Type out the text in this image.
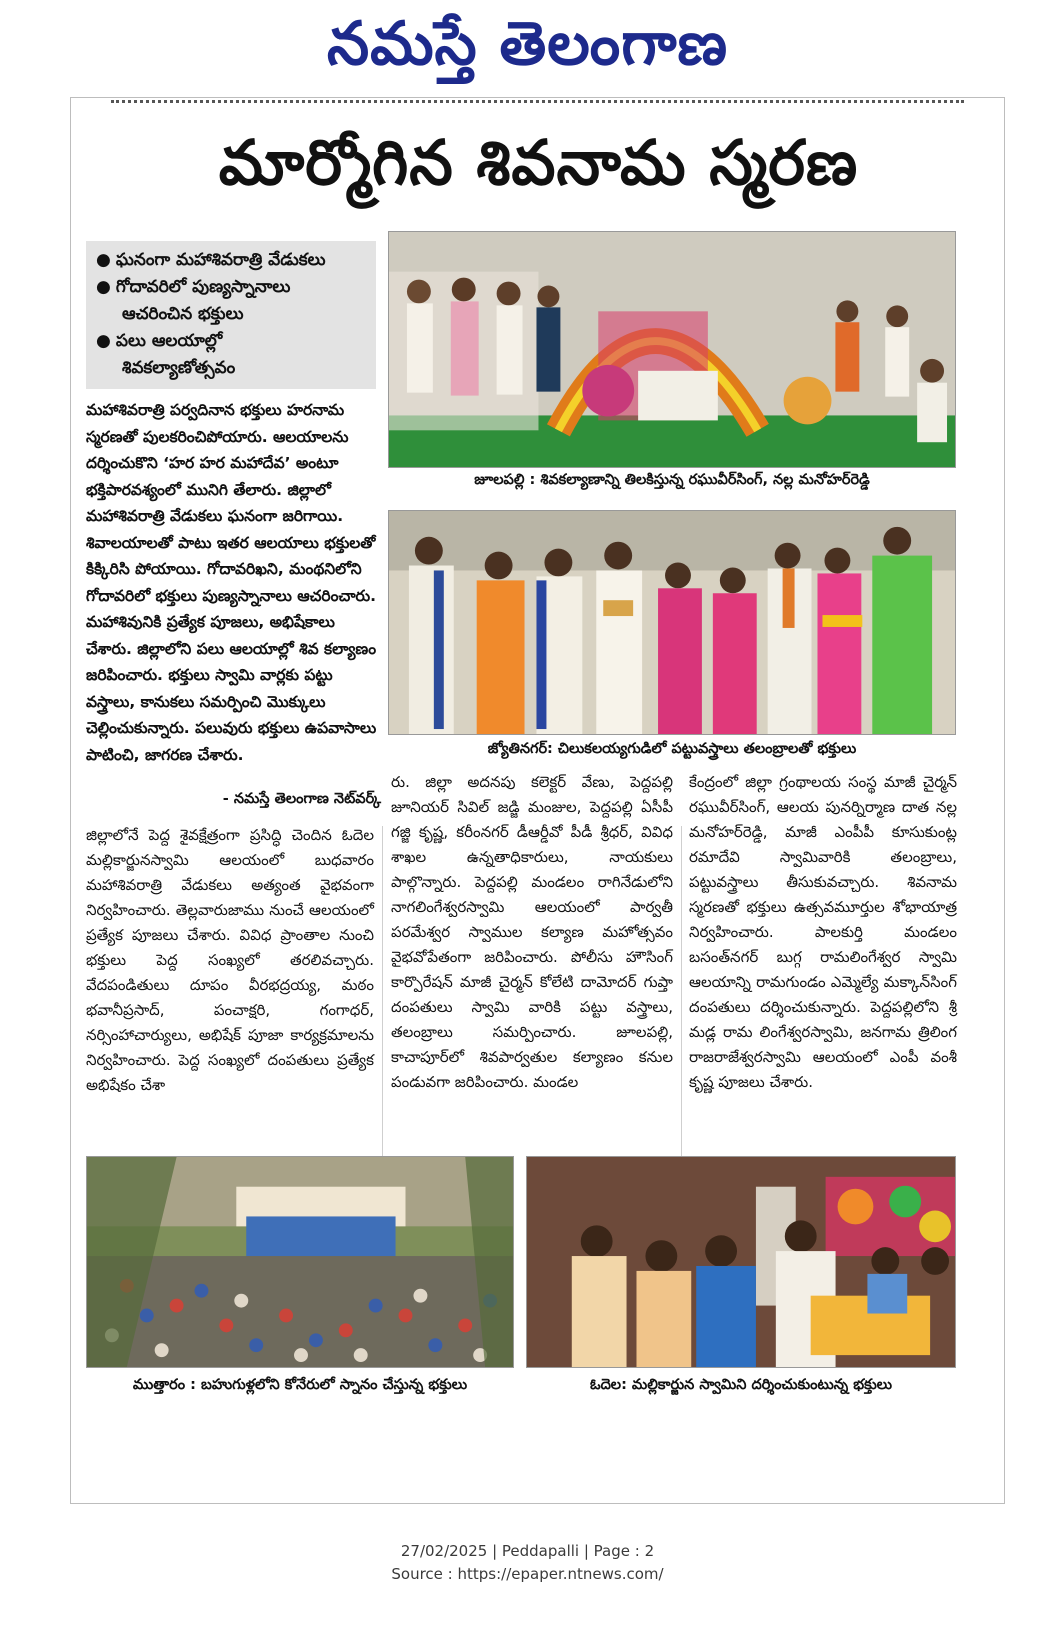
నమస్తే తెలంగాణ
మార్మోగిన శివనామ స్మరణ
● ఘనంగా మహాశివరాత్రి వేడుకలు
● గోదావరిలో పుణ్యస్నానాలు
ఆచరించిన భక్తులు
● పలు ఆలయాల్లో
శివకల్యాణోత్సవం
మహాశివరాత్రి పర్వదినాన భక్తులు హరనామ స్మరణతో పులకరించిపోయారు. ఆలయాలను దర్శించుకొని ‘హర హర మహాదేవ’ అంటూ భక్తిపారవశ్యంలో మునిగి తేలారు. జిల్లాలో మహాశివరాత్రి వేడుకలు ఘనంగా జరిగాయి. శివాలయాలతో పాటు ఇతర ఆలయాలు భక్తులతో కిక్కిరిసి పోయాయి. గోదావరిఖని, మంథనిలోని గోదావరిలో భక్తులు పుణ్యస్నానాలు ఆచరించారు. మహాశివునికి ప్రత్యేక పూజలు, అభిషేకాలు చేశారు. జిల్లాలోని పలు ఆలయాల్లో శివ కల్యాణం జరిపించారు. భక్తులు స్వామి వార్లకు పట్టు వస్త్రాలు, కానుకలు సమర్పించి మొక్కులు చెల్లించుకున్నారు. పలువురు భక్తులు ఉపవాసాలు పాటించి, జాగరణ చేశారు.
- నమస్తే తెలంగాణ నెట్‌వర్క్‌
జూలపల్లి : శివకల్యాణాన్ని తిలకిస్తున్న రఘువీర్‌సింగ్‌, నల్ల మనోహర్‌రెడ్డి
జ్యోతినగర్‌: చిలుకలయ్యగుడిలో పట్టువస్త్రాలు తలంబ్రాలతో భక్తులు
జిల్లాలోనే పెద్ద శైవక్షేత్రంగా ప్రసిద్ధి చెందిన ఓదెల మల్లికార్జునస్వామి ఆలయంలో బుధవారం మహాశివరాత్రి వేడుకలు అత్యంత వైభవంగా నిర్వహించారు. తెల్లవారుజాము నుంచే ఆలయంలో ప్రత్యేక పూజలు చేశారు. వివిధ ప్రాంతాల నుంచి భక్తులు పెద్ద సంఖ్యలో తరలివచ్చారు. వేదపండితులు దూపం వీరభద్రయ్య, మఠం భవానీప్రసాద్‌, పంచాక్షరి, గంగాధర్‌, నర్సింహాచార్యులు, అభిషేక్‌ పూజా కార్యక్రమాలను నిర్వహించారు. పెద్ద సంఖ్యలో దంపతులు ప్రత్యేక అభిషేకం చేశా
రు. జిల్లా అదనపు కలెక్టర్‌ వేణు, పెద్దపల్లి జూనియర్‌ సివిల్‌ జడ్జి మంజుల, పెద్దపల్లి ఏసీపీ గజ్జి కృష్ణ, కరీంనగర్‌ డీఆర్డీవో పీడీ శ్రీధర్‌, వివిధ శాఖల ఉన్నతాధికారులు, నాయకులు పాల్గొన్నారు. పెద్దపల్లి మండలం రాగినేడులోని నాగలింగేశ్వరస్వామి ఆలయంలో పార్వతీ పరమేశ్వర స్వాముల కల్యాణ మహోత్సవం వైభవోపేతంగా జరిపించారు. పోలీసు హౌసింగ్‌ కార్పొరేషన్‌ మాజీ చైర్మన్‌ కోలేటి దామోదర్‌ గుప్తా దంపతులు స్వామి వారికి పట్టు వస్త్రాలు, తలంబ్రాలు సమర్పించారు. జూలపల్లి, కాచాపూర్‌లో శివపార్వతుల కల్యాణం కనుల పండువగా జరిపించారు. మండల
కేంద్రంలో జిల్లా గ్రంథాలయ సంస్థ మాజీ చైర్మన్‌ రఘువీర్‌సింగ్‌, ఆలయ పునర్నిర్మాణ దాత నల్ల మనోహర్‌రెడ్డి, మాజీ ఎంపీపీ కూసుకుంట్ల రమాదేవి స్వామివారికి తలంబ్రాలు, పట్టువస్త్రాలు తీసుకువచ్చారు. శివనామ స్మరణతో భక్తులు ఉత్సవమూర్తుల శోభాయాత్ర నిర్వహించారు. పాలకుర్తి మండలం బసంత్‌నగర్‌ బుగ్గ రామలింగేశ్వర స్వామి ఆలయాన్ని రామగుండం ఎమ్మెల్యే మక్కాన్‌సింగ్‌ దంపతులు దర్శించుకున్నారు. పెద్దపల్లిలోని శ్రీ మడ్ల రామ లింగేశ్వరస్వామి, జనగామ త్రిలింగ రాజరాజేశ్వరస్వామి ఆలయంలో ఎంపీ వంశీ కృష్ణ పూజలు చేశారు.
ముత్తారం : బహుగుళ్లలోని కోనేరులో స్నానం చేస్తున్న భక్తులు	ఓదెల: మల్లికార్జున స్వామిని దర్శించుకుంటున్న భక్తులు
27/02/2025 | Peddapalli | Page : 2
Source : https://epaper.ntnews.com/
